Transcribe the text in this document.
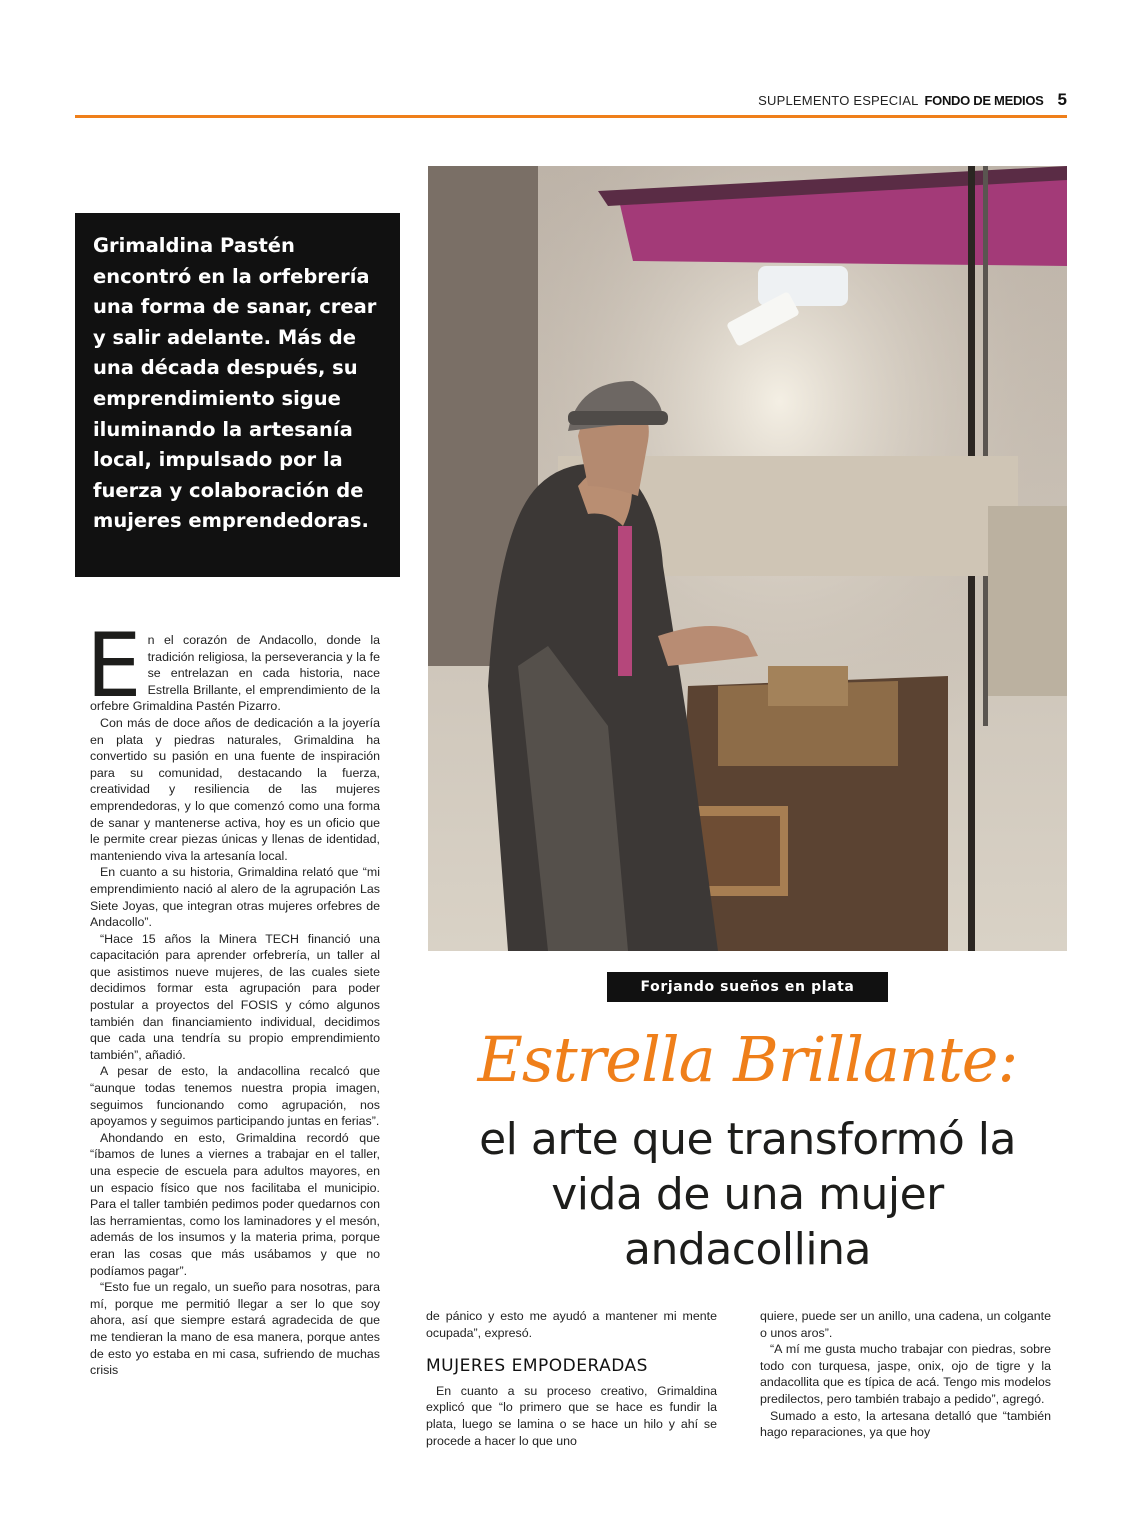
SUPLEMENTO ESPECIAL FONDO DE MEDIOS 5
Grimaldina Pastén encontró en la orfebrería una forma de sanar, crear y salir adelante. Más de una década después, su emprendimiento sigue iluminando la artesanía local, impulsado por la fuerza y colaboración de mujeres emprendedoras.
Forjando sueños en plata
Estrella Brillante:
el arte que transformó la vida de una mujer andacollina

En el corazón de Andacollo, donde la tradición religiosa, la perseverancia y la fe se entrelazan en cada historia, nace Estrella Brillante, el emprendimiento de la orfebre Grimaldina Pastén Pizarro.

Con más de doce años de dedicación a la joyería en plata y piedras naturales, Grimaldina ha convertido su pasión en una fuente de inspiración para su comunidad, destacando la fuerza, creatividad y resiliencia de las mujeres emprendedoras, y lo que comenzó como una forma de sanar y mantenerse activa, hoy es un oficio que le permite crear piezas únicas y llenas de identidad, manteniendo viva la artesanía local.

En cuanto a su historia, Grimaldina relató que “mi emprendimiento nació al alero de la agrupación Las Siete Joyas, que integran otras mujeres orfebres de Andacollo”.

“Hace 15 años la Minera TECH financió una capacitación para aprender orfebrería, un taller al que asistimos nueve mujeres, de las cuales siete decidimos formar esta agrupación para poder postular a proyectos del FOSIS y cómo algunos también dan financiamiento individual, decidimos que cada una tendría su propio emprendimiento también”, añadió.

A pesar de esto, la andacollina recalcó que “aunque todas tenemos nuestra propia imagen, seguimos funcionando como agrupación, nos apoyamos y seguimos participando juntas en ferias”.

Ahondando en esto, Grimaldina recordó que “íbamos de lunes a viernes a trabajar en el taller, una especie de escuela para adultos mayores, en un espacio físico que nos facilitaba el municipio. Para el taller también pedimos poder quedarnos con las herramientas, como los laminadores y el mesón, además de los insumos y la materia prima, porque eran las cosas que más usábamos y que no podíamos pagar”.

“Esto fue un regalo, un sueño para nosotras, para mí, porque me permitió llegar a ser lo que soy ahora, así que siempre estará agradecida de que me tendieran la mano de esa manera, porque antes de esto yo estaba en mi casa, sufriendo de muchas crisis

de pánico y esto me ayudó a mantener mi mente ocupada”, expresó.

MUJERES EMPODERADAS

En cuanto a su proceso creativo, Grimaldina explicó que “lo primero que se hace es fundir la plata, luego se lamina o se hace un hilo y ahí se procede a hacer lo que uno

quiere, puede ser un anillo, una cadena, un colgante o unos aros”.

“A mí me gusta mucho trabajar con piedras, sobre todo con turquesa, jaspe, onix, ojo de tigre y la andacollita que es típica de acá. Tengo mis modelos predilectos, pero también trabajo a pedido”, agregó.

Sumado a esto, la artesana detalló que “también hago reparaciones, ya que hoy
